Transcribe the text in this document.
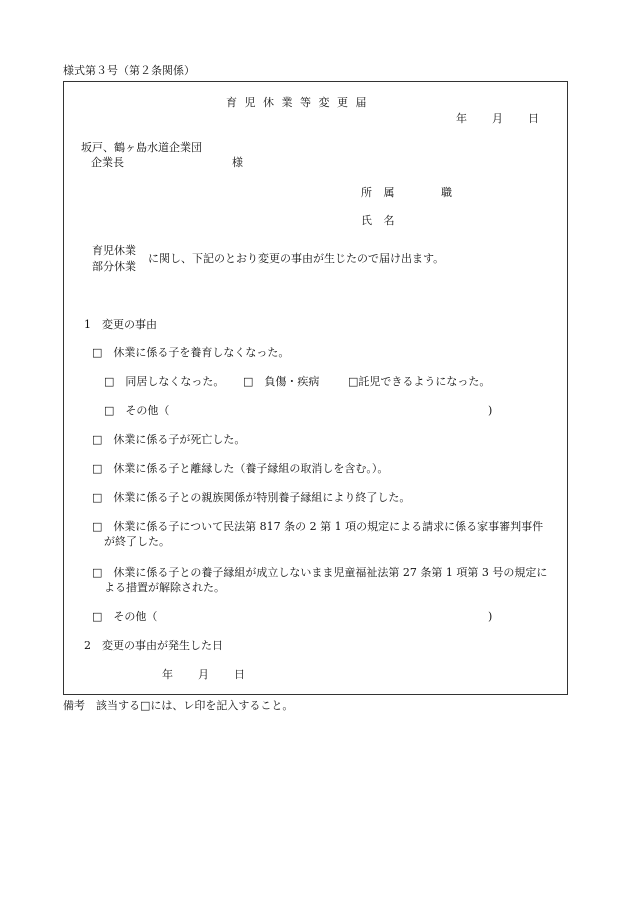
様式第３号（第２条関係）
育 児 休 業 等 変 更 届
年 月 日
坂戸、鶴ヶ島水道企業団
企業長	様
所 属	職
氏 名
育児休業
部分休業
に関し、下記のとおり変更の事由が生じたので届け出ます。
1　変更の事由
□　休業に係る子を養育しなくなった。
□　同居しなくなった。 □　負傷・疾病	□託児できるようになった。
□　その他（	)
□　休業に係る子が死亡した。
□　休業に係る子と離縁した（養子縁組の取消しを含む。）。
□　休業に係る子との親族関係が特別養子縁組により終了した。
□　休業に係る子について民法第 817 条の 2 第 1 項の規定による請求に係る家事審判事件
が終了した。
□　休業に係る子との養子縁組が成立しないまま児童福祉法第 27 条第 1 項第 3 号の規定に
よる措置が解除された。
□　その他（	)
2　変更の事由が発生した日
年 月 日
備考　該当する□には、レ印を記入すること。
